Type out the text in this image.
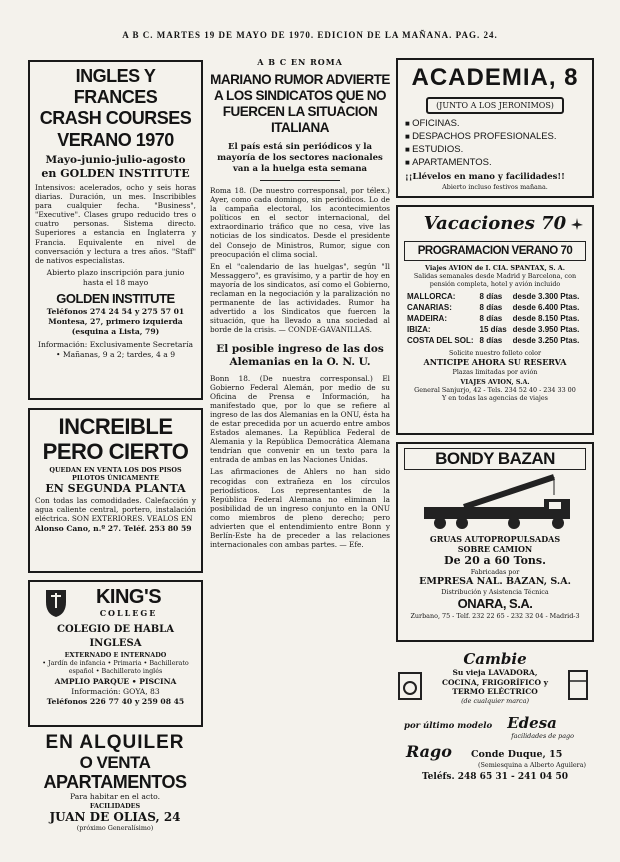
A B C. MARTES 19 DE MAYO DE 1970. EDICION DE LA MAÑANA. PAG. 24.
INGLES Y FRANCES
CRASH COURSES
VERANO 1970
Mayo-junio-julio-agosto
en GOLDEN INSTITUTE
Intensivos: acelerados, ocho y seis horas diarias. Duración, un mes. Inscribibles para cualquier fecha. "Business", "Executive". Clases grupo reducido tres o cuatro personas. Sistema directo. Superiores a estancia en Inglaterra y Francia. Equivalente en nivel de conversación y lectura a tres años. "Staff" de nativos especialistas.
Abierto plazo inscripción para junio hasta el 18 mayo
GOLDEN INSTITUTE
Teléfonos 274 24 54 y 275 57 01
Montesa, 27, primero izquierda (esquina a Lista, 79)
Información: Exclusivamente Secretaría • Mañanas, 9 a 2; tardes, 4 a 9
INCREIBLE
PERO CIERTO
QUEDAN EN VENTA LOS DOS PISOS PILOTOS ÚNICAMENTE
EN SEGUNDA PLANTA
Con todas las comodidades. Calefacción y agua caliente central, portero, instalación eléctrica. SON EXTERIORES. VEALOS EN
Alonso Cano, n.º 27. Teléf. 253 80 59
KING'S
COLLEGE
COLEGIO DE HABLA INGLESA
EXTERNADO E INTERNADO
• Jardín de infancia • Primaria • Bachillerato español • Bachillerato inglés
AMPLIO PARQUE • PISCINA
Información: GOYA, 83
Teléfonos 226 77 40 y 259 08 45
EN ALQUILER
O VENTA
APARTAMENTOS
Para habitar en el acto.
FACILIDADES
JUAN DE OLIAS, 24
(próximo Generalísimo)
A B C EN ROMA
MARIANO RUMOR ADVIERTE A LOS SINDICATOS QUE NO FUERCEN LA SITUACION ITALIANA
El país está sin periódicos y la mayoría de los sectores nacionales van a la huelga esta semana
Roma 18. (De nuestro corresponsal, por télex.) Ayer, como cada domingo, sin periódicos. Lo de la campaña electoral, los acontecimientos políticos en el sector internacional, del extraordinario tráfico que no cesa, vive las noticias de los sindicatos. Desde el presidente del Consejo de Ministros, Rumor, sigue con preocupación el clima social.
En el "calendario de las huelgas", según "Il Messaggero", es gravísimo, y a partir de hoy en mayoría de los sindicatos, así como el Gobierno, reclaman en la negociación y la paralización no permanente de las actividades. Rumor ha advertido a los Sindicatos que fuercen la situación, que ha llevado a una sociedad al borde de la crisis. — CONDE-GAVANILLAS.
El posible ingreso de las dos Alemanias en la O. N. U.
Bonn 18. (De nuestra corresponsal.) El Gobierno Federal Alemán, por medio de su Oficina de Prensa e Información, ha manifestado que, por lo que se refiere al ingreso de las dos Alemanias en la ONU, ésta ha de estar precedida por un acuerdo entre ambos Estados alemanes. La República Federal de Alemania y la República Democrática Alemana tendrían que convenir en un texto para la entrada de ambas en las Naciones Unidas.
Las afirmaciones de Ahlers no han sido recogidas con extrañeza en los círculos periodísticos. Los representantes de la República Federal Alemana no eliminan la posibilidad de un ingreso conjunto en la ONU como miembros de pleno derecho; pero advierten que el entendimiento entre Bonn y Berlín-Este ha de preceder a las relaciones internacionales con ambas partes. — Efe.
ACADEMIA, 8
(JUNTO A LOS JERONIMOS)
■ OFICINAS.
■ DESPACHOS PROFESIONALES.
■ ESTUDIOS.
■ APARTAMENTOS.
¡¡Llévelos en mano y facilidades!!
Abierto incluso festivos mañana.
Vacaciones 70
PROGRAMACION VERANO 70
Viajes AVION de I. CIA. SPANTAX, S. A.
Salidas semanales desde Madrid y Barcelona, con pensión completa, hotel y avión incluido
MALLORCA:	8 días	desde 3.300 Ptas.
CANARIAS:	8 días	desde 6.400 Ptas.
MADEIRA:	8 días	desde 8.150 Ptas.
IBIZA:	15 días	desde 3.950 Ptas.
COSTA DEL SOL:	8 días	desde 3.250 Ptas.
Solicite nuestro folleto color
ANTICIPE AHORA SU RESERVA
Plazas limitadas por avión
VIAJES AVION, S.A.
General Sanjurjo, 42 - Tels. 234 52 40 - 234 33 00
Y en todas las agencias de viajes
BONDY BAZAN
GRUAS AUTOPROPULSADAS
SOBRE CAMION
De 20 a 60 Tons.
Fabricadas por
EMPRESA NAL. BAZAN, S.A.
Distribución y Asistencia Técnica
ONARA, S.A.
Zurbano, 75 - Telf. 232 22 65 - 232 32 04 - Madrid-3
Cambie
Su vieja LAVADORA,
COCINA, FRIGORÍFICO y
TERMO ELÉCTRICO
(de cualquier marca)
por último modelo Edesa
facilidades de pago
Rago Conde Duque, 15
(Semiesquina a Alberto Aguilera)
Teléfs. 248 65 31 - 241 04 50
